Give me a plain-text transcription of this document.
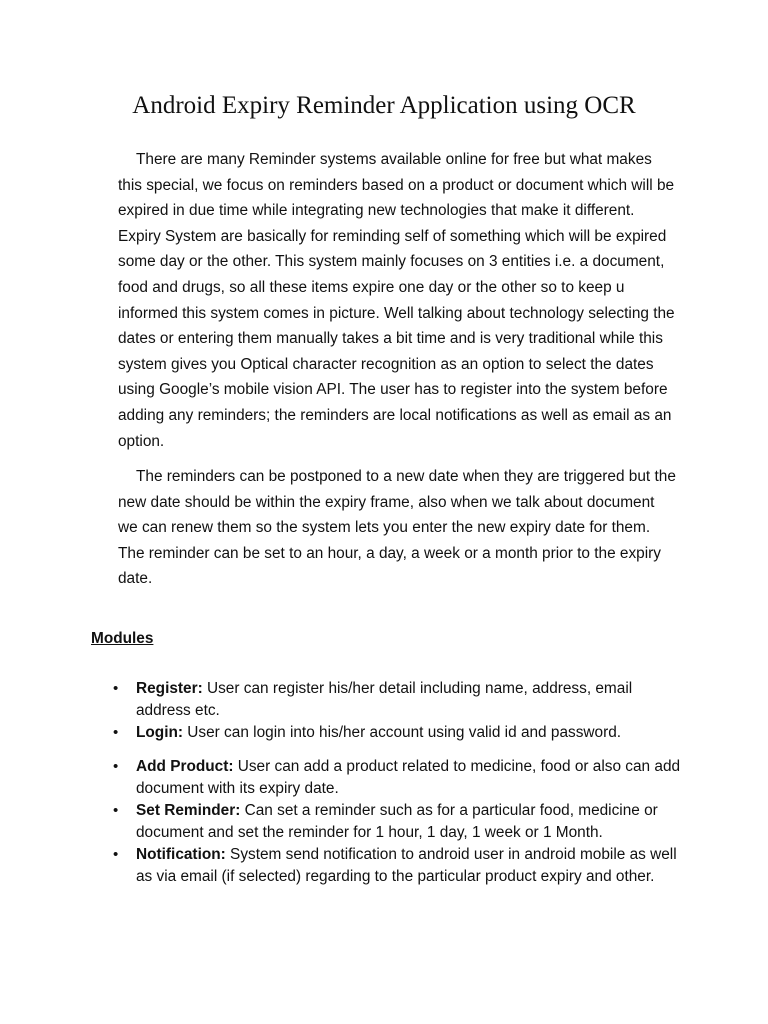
Android Expiry Reminder Application using OCR

There are many Reminder systems available online for free but what makes this special, we focus on reminders based on a product or document which will be expired in due time while integrating new technologies that make it different. Expiry System are basically for reminding self of something which will be expired some day or the other. This system mainly focuses on 3 entities i.e. a document, food and drugs, so all these items expire one day or the other so to keep u informed this system comes in picture. Well talking about technology selecting the dates or entering them manually takes a bit time and is very traditional while this system gives you Optical character recognition as an option to select the dates using Google’s mobile vision API. The user has to register into the system before adding any reminders; the reminders are local notifications as well as email as an option.

The reminders can be postponed to a new date when they are triggered but the new date should be within the expiry frame, also when we talk about document we can renew them so the system lets you enter the new expiry date for them. The reminder can be set to an hour, a day, a week or a month prior to the expiry date.

Modules
• Register: User can register his/her detail including name, address, email address etc.
• Login: User can login into his/her account using valid id and password.
• Add Product: User can add a product related to medicine, food or also can add document with its expiry date.
• Set Reminder: Can set a reminder such as for a particular food, medicine or document and set the reminder for 1 hour, 1 day, 1 week or 1 Month.
• Notification: System send notification to android user in android mobile as well as via email (if selected) regarding to the particular product expiry and other.
